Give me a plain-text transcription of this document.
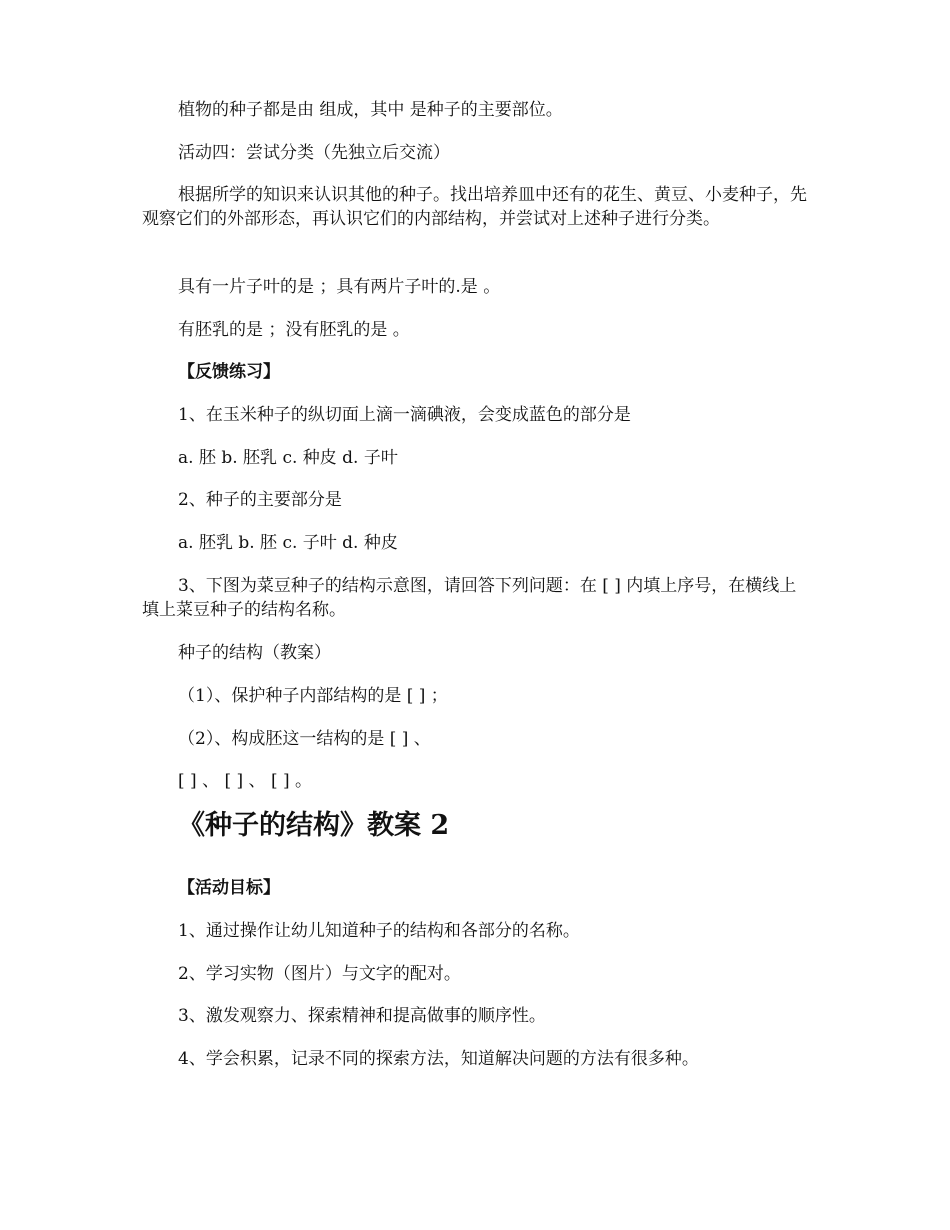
植物的种子都是由 组成，其中 是种子的主要部位。

活动四：尝试分类（先独立后交流）

根据所学的知识来认识其他的种子。找出培养皿中还有的花生、黄豆、小麦种子，先观察它们的外部形态，再认识它们的内部结构，并尝试对上述种子进行分类。

具有一片子叶的是 ；具有两片子叶的.是 。

有胚乳的是 ；没有胚乳的是 。

【反馈练习】

1、在玉米种子的纵切面上滴一滴碘液，会变成蓝色的部分是

a. 胚 b. 胚乳 c. 种皮 d. 子叶

2、种子的主要部分是

a. 胚乳 b. 胚 c. 子叶 d. 种皮

3、下图为菜豆种子的结构示意图，请回答下列问题：在 [ ] 内填上序号，在横线上填上菜豆种子的结构名称。

种子的结构（教案）

（1）、保护种子内部结构的是 [ ] ；

（2）、构成胚这一结构的是 [ ] 、

[ ] 、 [ ] 、 [ ] 。

《种子的结构》教案 2

【活动目标】

1、通过操作让幼儿知道种子的结构和各部分的名称。

2、学习实物（图片）与文字的配对。

3、激发观察力、探索精神和提高做事的顺序性。

4、学会积累，记录不同的探索方法，知道解决问题的方法有很多种。
